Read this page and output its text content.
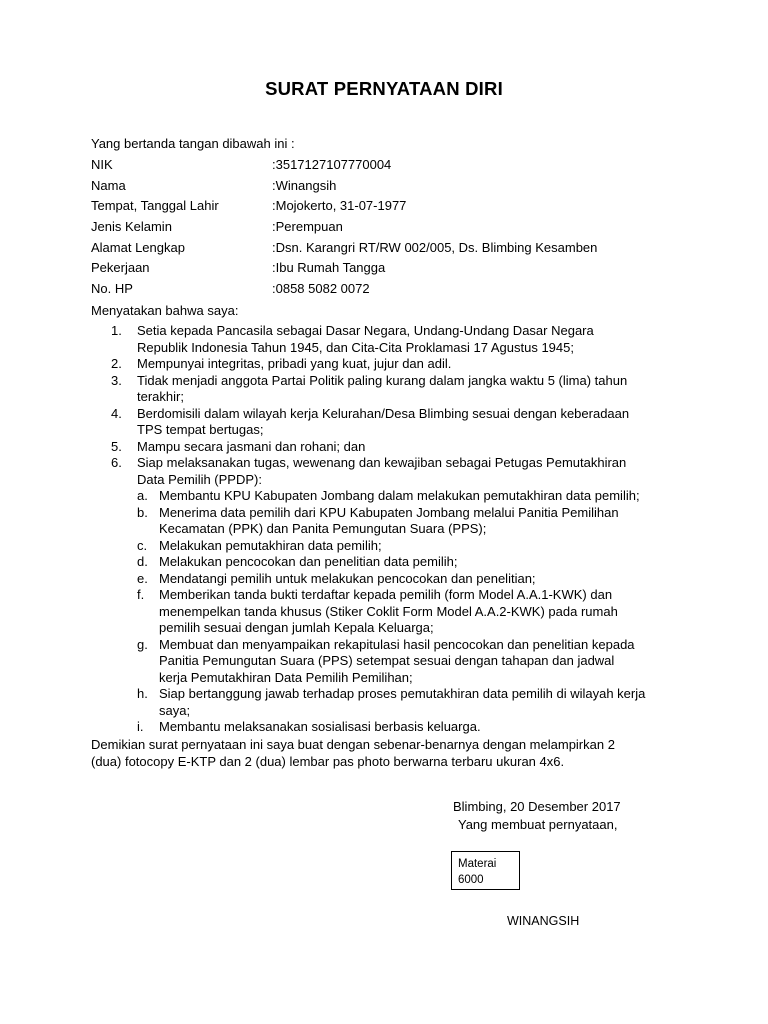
SURAT PERNYATAAN DIRI
Yang bertanda tangan dibawah ini :
NIK	:3517127107770004
Nama	:Winangsih
Tempat, Tanggal Lahir	:Mojokerto, 31-07-1977
Jenis Kelamin	:Perempuan
Alamat Lengkap	:Dsn. Karangri RT/RW 002/005, Ds. Blimbing Kesamben
Pekerjaan	:Ibu Rumah Tangga
No. HP	:0858 5082 0072
Menyatakan bahwa saya:
1. Setia kepada Pancasila sebagai Dasar Negara, Undang-Undang Dasar Negara
Republik Indonesia Tahun 1945, dan Cita-Cita Proklamasi 17 Agustus 1945;
2. Mempunyai integritas, pribadi yang kuat, jujur dan adil.
3. Tidak menjadi anggota Partai Politik paling kurang dalam jangka waktu 5 (lima) tahun
terakhir;
4. Berdomisili dalam wilayah kerja Kelurahan/Desa Blimbing sesuai dengan keberadaan
TPS tempat bertugas;
5. Mampu secara jasmani dan rohani; dan
6. Siap melaksanakan tugas, wewenang dan kewajiban sebagai Petugas Pemutakhiran
Data Pemilih (PPDP):
a. Membantu KPU Kabupaten Jombang dalam melakukan pemutakhiran data pemilih;
b. Menerima data pemilih dari KPU Kabupaten Jombang melalui Panitia Pemilihan
Kecamatan (PPK) dan Panita Pemungutan Suara (PPS);
c. Melakukan pemutakhiran data pemilih;
d. Melakukan pencocokan dan penelitian data pemilih;
e. Mendatangi pemilih untuk melakukan pencocokan dan penelitian;
f. Memberikan tanda bukti terdaftar kepada pemilih (form Model A.A.1-KWK) dan
menempelkan tanda khusus (Stiker Coklit Form Model A.A.2-KWK) pada rumah
pemilih sesuai dengan jumlah Kepala Keluarga;
g. Membuat dan menyampaikan rekapitulasi hasil pencocokan dan penelitian kepada
Panitia Pemungutan Suara (PPS) setempat sesuai dengan tahapan dan jadwal
kerja Pemutakhiran Data Pemilih Pemilihan;
h. Siap bertanggung jawab terhadap proses pemutakhiran data pemilih di wilayah kerja
saya;
i. Membantu melaksanakan sosialisasi berbasis keluarga.
Demikian surat pernyataan ini saya buat dengan sebenar-benarnya dengan melampirkan 2
(dua) fotocopy E-KTP dan 2 (dua) lembar pas photo berwarna terbaru ukuran 4x6.
Blimbing, 20 Desember 2017
Yang membuat pernyataan,
Materai
6000
WINANGSIH
